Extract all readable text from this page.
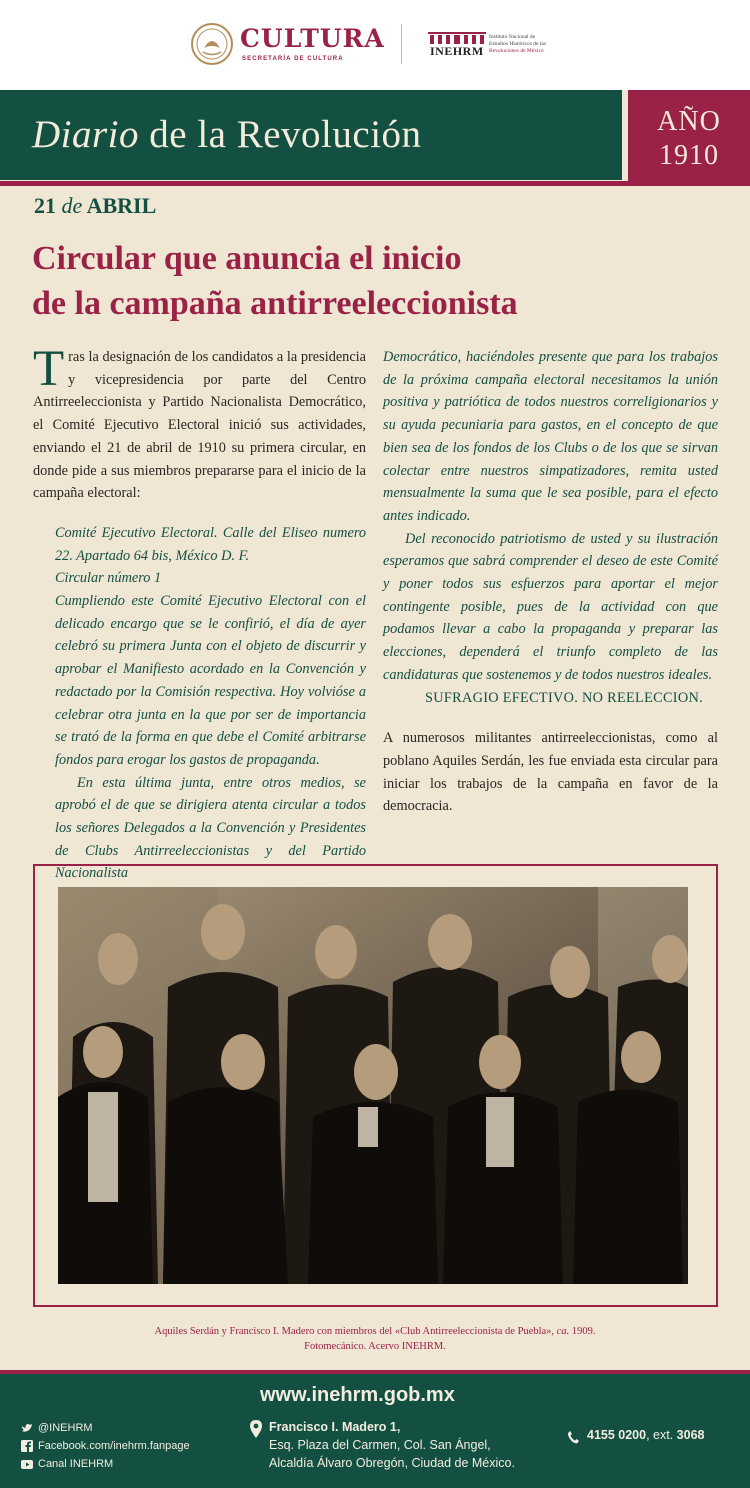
CULTURA
SECRETARÍA DE CULTURA
INEHRM
Instituto Nacional de
Estudios Históricos de las
Revoluciones de México
Diario de la Revolución	AÑO
1910
21 de ABRIL
Circular que anuncia el inicio
de la campaña antirreeleccionista

Tras la designación de los candidatos a la presidencia y vicepresidencia por parte del Centro Antirreeleccionista y Partido Nacionalista Democrático, el Comité Ejecutivo Electoral inició sus actividades, enviando el 21 de abril de 1910 su primera circular, en donde pide a sus miembros prepararse para el inicio de la campaña electoral:

Comité Ejecutivo Electoral. Calle del Eliseo numero 22. Apartado 64 bis, México D. F.

Circular número 1

Cumpliendo este Comité Ejecutivo Electoral con el delicado encargo que se le confirió, el día de ayer celebró su primera Junta con el objeto de discurrir y aprobar el Manifiesto acordado en la Convención y redactado por la Comisión respectiva. Hoy volvióse a celebrar otra junta en la que por ser de importancia se trató de la forma en que debe el Comité arbitrarse fondos para erogar los gastos de propaganda.

En esta última junta, entre otros medios, se aprobó el de que se dirigiera atenta circular a todos los señores Delegados a la Convención y Presidentes de Clubs Antirreeleccionistas y del Partido Nacionalista

Democrático, haciéndoles presente que para los trabajos de la próxima campaña electoral necesitamos la unión positiva y patriótica de todos nuestros correligionarios y su ayuda pecuniaria para gastos, en el concepto de que bien sea de los fondos de los Clubs o de los que se sirvan colectar entre nuestros simpatizadores, remita usted mensualmente la suma que le sea posible, para el efecto antes indicado.

Del reconocido patriotismo de usted y su ilustración esperamos que sabrá comprender el deseo de este Comité y poner todos sus esfuerzos para aportar el mejor contingente posible, pues de la actividad con que podamos llevar a cabo la propaganda y preparar las elecciones, dependerá el triunfo completo de las candidaturas que sostenemos y de todos nuestros ideales.

SUFRAGIO EFECTIVO. NO REELECCION.

A numerosos militantes antirreeleccionistas, como al poblano Aquiles Serdán, les fue enviada esta circular para iniciar los trabajos de la campaña en favor de la democracia.

Aquiles Serdán y Francisco I. Madero con miembros del «Club Antirreeleccionista de Puebla», ca. 1909.
Fotomecánico. Acervo INEHRM.
www.inehrm.gob.mx
@INEHRM
Facebook.com/inehrm.fanpage
Canal INEHRM
Francisco I. Madero 1,
Esq. Plaza del Carmen, Col. San Ángel,
Alcaldía Álvaro Obregón, Ciudad de México.
4155 0200, ext. 3068
